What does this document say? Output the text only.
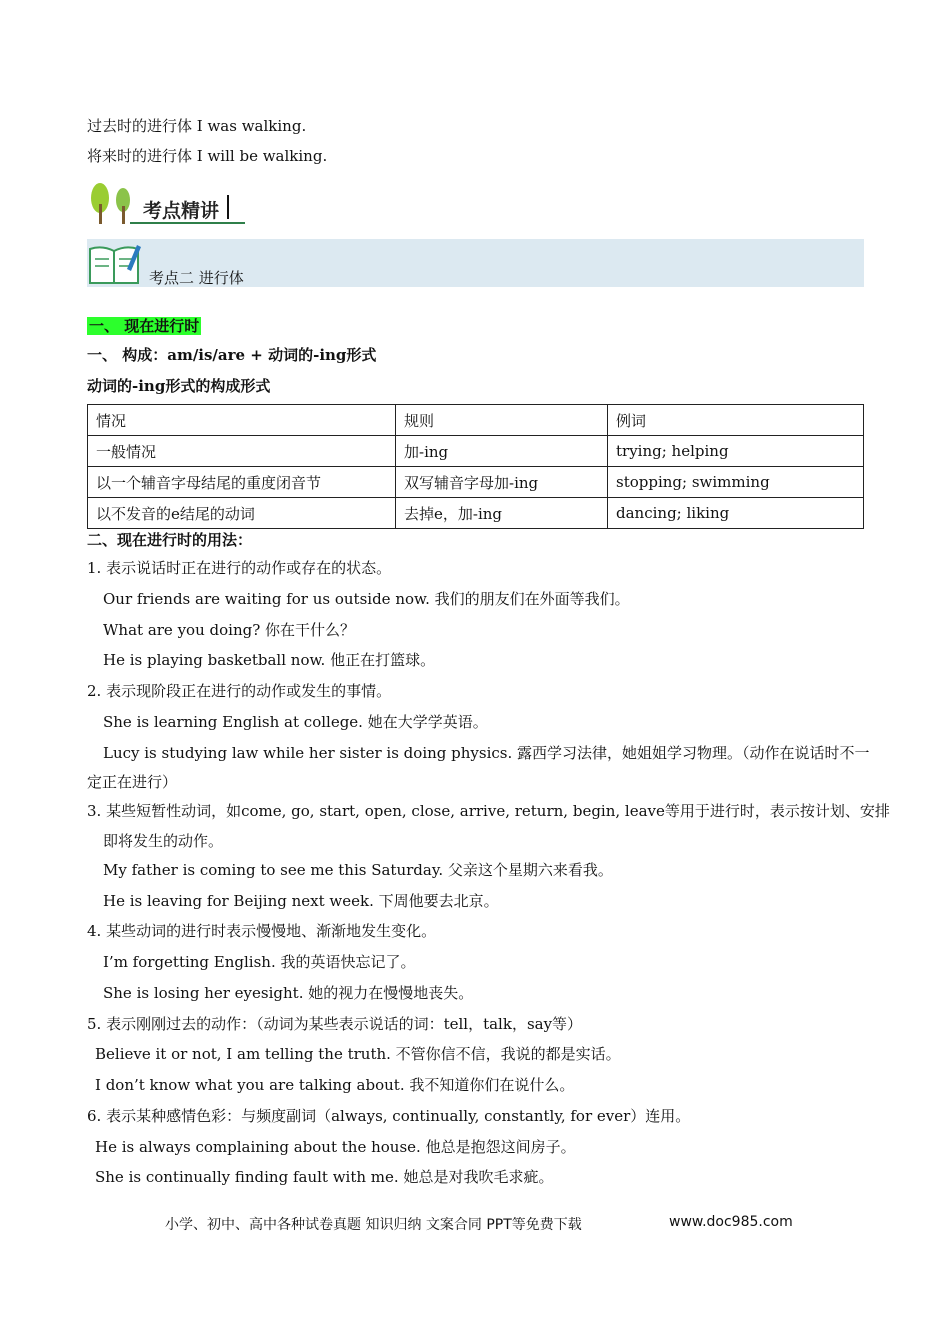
过去时的进行体 I was walking.
将来时的进行体 I will be walking.
考点精讲
考点二 进行体
一、 现在进行时
一、 构成：am/is/are + 动词的-ing形式
动词的-ing形式的构成形式
情况	规则	例词
一般情况	加-ing	trying; helping
以一个辅音字母结尾的重度闭音节	双写辅音字母加-ing	stopping; swimming
以不发音的e结尾的动词	去掉e，加-ing	dancing; liking
二、现在进行时的用法：
1. 表示说话时正在进行的动作或存在的状态。
Our friends are waiting for us outside now. 我们的朋友们在外面等我们。
What are you doing? 你在干什么？
He is playing basketball now. 他正在打篮球。
2. 表示现阶段正在进行的动作或发生的事情。
She is learning English at college. 她在大学学英语。
Lucy is studying law while her sister is doing physics. 露西学习法律，她姐姐学习物理。（动作在说话时不一
定正在进行）
3. 某些短暂性动词，如come, go, start, open, close, arrive, return, begin, leave等用于进行时，表示按计划、安排
即将发生的动作。
My father is coming to see me this Saturday. 父亲这个星期六来看我。
He is leaving for Beijing next week. 下周他要去北京。
4. 某些动词的进行时表示慢慢地、渐渐地发生变化。
I’m forgetting English. 我的英语快忘记了。
She is losing her eyesight. 她的视力在慢慢地丧失。
5. 表示刚刚过去的动作：（动词为某些表示说话的词：tell，talk，say等）
Believe it or not, I am telling the truth. 不管你信不信，我说的都是实话。
I don’t know what you are talking about. 我不知道你们在说什么。
6. 表示某种感情色彩：与频度副词（always, continually, constantly, for ever）连用。
He is always complaining about the house. 他总是抱怨这间房子。
She is continually finding fault with me. 她总是对我吹毛求疵。
小学、初中、高中各种试卷真题 知识归纳 文案合同 PPT等免费下载	www.doc985.com
